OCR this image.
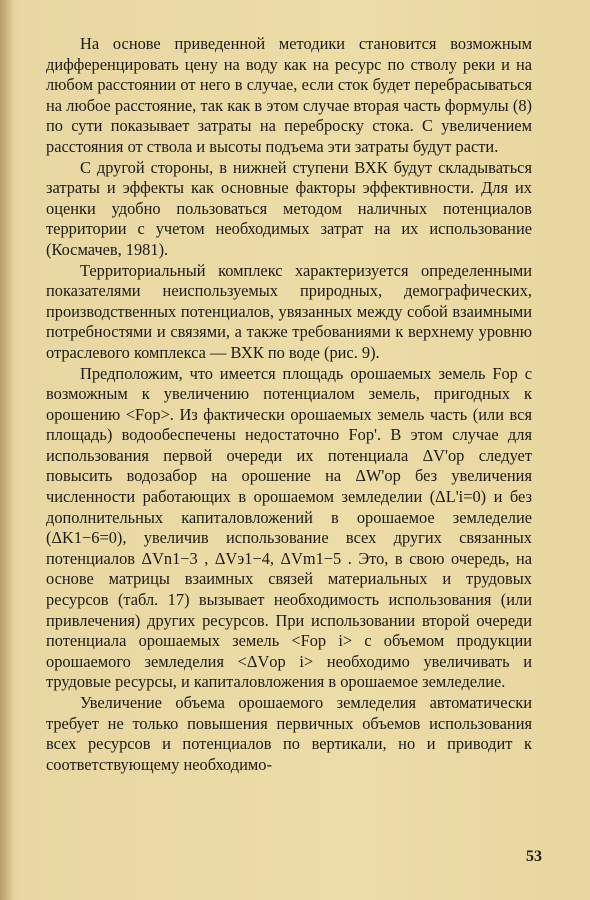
На основе приведенной методики становится возможным дифференцировать цену на воду как на ресурс по стволу реки и на любом расстоянии от него в случае, если сток будет перебрасываться на любое расстояние, так как в этом случае вторая часть формулы (8) по сути показывает затраты на переброску стока. С увеличением расстояния от ствола и высоты подъема эти затраты будут расти.

С другой стороны, в нижней ступени ВХК будут складываться затраты и эффекты как основные факторы эффективности. Для их оценки удобно пользоваться методом наличных потенциалов территории с учетом необходимых затрат на их использование (Космачев, 1981).

Территориальный комплекс характеризуется определенными показателями неиспользуемых природных, демографических, производственных потенциалов, увязанных между собой взаимными потребностями и связями, а также требованиями к верхнему уровню отраслевого комплекса — ВХК по воде (рис. 9).

Предположим, что имеется площадь орошаемых земель Fор с возможным к увеличению потенциалом земель, пригодных к орошению <Fор>. Из фактически орошаемых земель часть (или вся площадь) водообеспечены недостаточно Fор'. В этом случае для использования первой очереди их потенциала ΔV'ор следует повысить водозабор на орошение на ΔW'ор без увеличения численности работающих в орошаемом земледелии (ΔL'i=0) и без дополнительных капиталовложений в орошаемое земледелие (ΔK1−6=0), увеличив использование всех других связанных потенциалов ΔVn1−3 , ΔVэ1−4, ΔVm1−5 . Это, в свою очередь, на основе матрицы взаимных связей материальных и трудовых ресурсов (табл. 17) вызывает необходимость использования (или привлечения) других ресурсов. При использовании второй очереди потенциала орошаемых земель <Fор i> с объемом продукции орошаемого земледелия <ΔVор i> необходимо увеличивать и трудовые ресурсы, и капиталовложения в орошаемое земледелие.

Увеличение объема орошаемого земледелия автоматически требует не только повышения первичных объемов использования всех ресурсов и потенциалов по вертикали, но и приводит к соответствующему необходимо-

53
